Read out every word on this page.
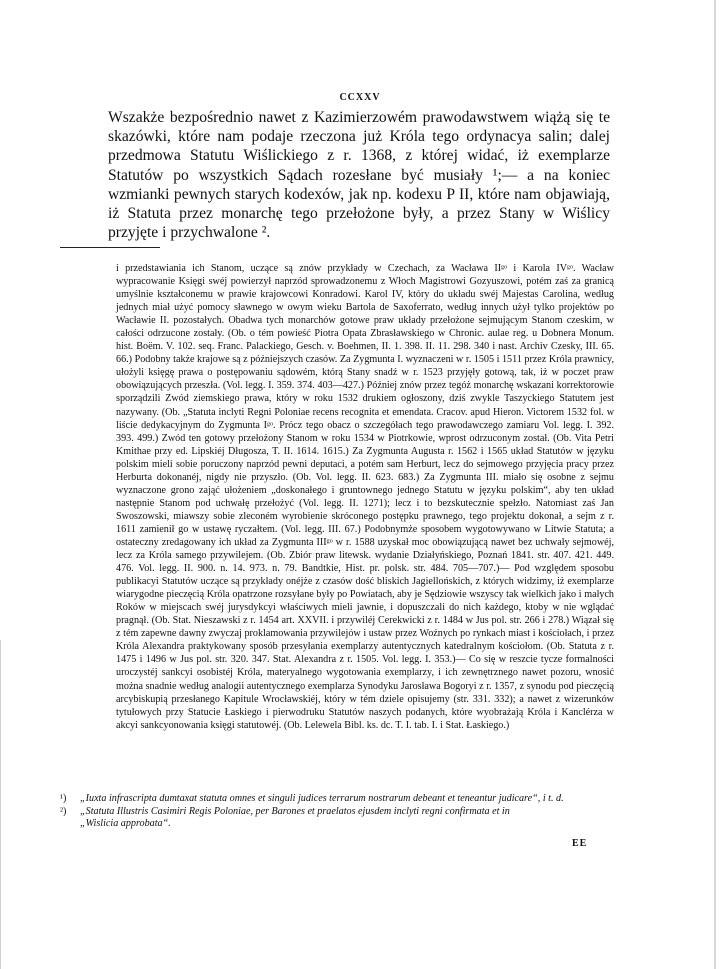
CCXXV

Wszakże bezpośrednio nawet z Kazimierzowém prawodawstwem wiążą się te skazówki, które nam podaje rzeczona już Króla tego ordynacya salin; dalej przedmowa Statutu Wiślickiego z r. 1368, z której widać, iż exemplarze Statutów po wszystkich Sądach rozesłane być musiały ¹;— a na koniec wzmianki pewnych starych kodexów, jak np. kodexu P II, które nam objawiają, iż Statuta przez monarchę tego przełożone były, a przez Stany w Wiślicy przyjęte i przychwalone ².

i przedstawiania ich Stanom, uczące są znów przykłady w Czechach, za Wacława IIᵍᵒ i Karola IVᵍᵒ. Wacław wypracowanie Księgi swéj powierzył naprzód sprowadzonemu z Włoch Magistrowi Gozyuszowi, potém zaś za granicą umyślnie kształconemu w prawie krajowcowi Konradowi. Karol IV, który do układu swéj Majestas Carolina, według jednych miał użyć pomocy sławnego w owym wieku Bartola de Saxoferrato, według innych użył tylko projektów po Wacławie II. pozostałych. Obadwa tych monarchów gotowe praw układy przełożone sejmującym Stanom czeskim, w całości odrzucone zostały. (Ob. o tém powieść Piotra Opata Zbrasławskiego w Chronic. aulae reg. u Dobnera Monum. hist. Boëm. V. 102. seq. Franc. Palackiego, Gesch. v. Boehmen, II. 1. 398. II. 11. 298. 340 i nast. Archiv Czesky, III. 65. 66.) Podobny także krajowe są z późniejszych czasów. Za Zygmunta I. wyznaczeni w r. 1505 i 1511 przez Króla prawnicy, ułożyli księgę prawa o postępowaniu sądowém, którą Stany snadź w r. 1523 przyjęły gotową, tak, iż w poczet praw obowiązujących przeszła. (Vol. legg. I. 359. 374. 403—427.) Później znów przez tegóż monarchę wskazani korrektorowie sporządzili Zwód ziemskiego prawa, który w roku 1532 drukiem ogłoszony, dziś zwykle Taszyckiego Statutem jest nazywany. (Ob. „Statuta inclyti Regni Poloniae recens recognita et emendata. Cracov. apud Hieron. Victorem 1532 fol. w liście dedykacyjnym do Zygmunta Iᵍᵒ. Prócz tego obacz o szczegółach tego prawodawczego zamiaru Vol. legg. I. 392. 393. 499.) Zwód ten gotowy przełożony Stanom w roku 1534 w Piotrkowie, wprost odrzuconym został. (Ob. Vita Petri Kmithae przy ed. Lipskiéj Długosza, T. II. 1614. 1615.) Za Zygmunta Augusta r. 1562 i 1565 układ Statutów w języku polskim mieli sobie poruczony naprzód pewni deputaci, a potém sam Herburt, lecz do sejmowego przyjęcia pracy przez Herburta dokonanéj, nigdy nie przyszło. (Ob. Vol. legg. II. 623. 683.) Za Zygmunta III. miało się osobne z sejmu wyznaczone grono zająć ułożeniem „doskonałego i gruntownego jednego Statutu w języku polskim“, aby ten układ następnie Stanom pod uchwałę przełożyć (Vol. legg. II. 1271); lecz i to bezskutecznie spełzło. Natomiast zaś Jan Swoszowski, miawszy sobie zleconém wyrobienie skróconego postępku prawnego, tego projektu dokonał, a sejm z r. 1611 zamienił go w ustawę ryczałtem. (Vol. legg. III. 67.) Podobnymże sposobem wygotowywano w Litwie Statuta; a ostateczny zredagowany ich układ za Zygmunta IIIᵍᵒ w r. 1588 uzyskał moc obowiązującą nawet bez uchwały sejmowéj, lecz za Króla samego przywilejem. (Ob. Zbiór praw litewsk. wydanie Działyńskiego, Poznań 1841. str. 407. 421. 449. 476. Vol. legg. II. 900. n. 14. 973. n. 79. Bandtkie, Hist. pr. polsk. str. 484. 705—707.)— Pod względem sposobu publikacyi Statutów uczące są przykłady onéjże z czasów dość bliskich Jagiellońskich, z których widzimy, iż exemplarze wiarygodne pieczęcią Króla opatrzone rozsyłane były po Powiatach, aby je Sędziowie wszyscy tak wielkich jako i małych Roków w miejscach swéj jurysdykcyi właściwych mieli jawnie, i dopuszczali do nich każdego, ktoby w nie wglądać pragnął. (Ob. Stat. Nieszawski z r. 1454 art. XXVII. i przywiléj Cerekwicki z r. 1484 w Jus pol. str. 266 i 278.) Wiązał się z tém zapewne dawny zwyczaj proklamowania przywilejów i ustaw przez Woźnych po rynkach miast i kościołach, i przez Króla Alexandra praktykowany sposób przesyłania exemplarzy autentycznych katedralnym kościołom. (Ob. Statuta z r. 1475 i 1496 w Jus pol. str. 320. 347. Stat. Alexandra z r. 1505. Vol. legg. I. 353.)— Co się w reszcie tycze formalności uroczystéj sankcyi osobistéj Króla, materyalnego wygotowania exemplarzy, i ich zewnętrznego nawet pozoru, wnosić można snadnie według analogii autentycznego exemplarza Synodyku Jarosława Bogoryi z r. 1357, z synodu pod pieczęcią arcybiskupią przesłanego Kapitule Wrocławskiéj, który w tém dziele opisujemy (str. 331. 332); a nawet z wizerunków tytułowych przy Statucie Łaskiego i pierwodruku Statutów naszych podanych, które wyobrażają Króla i Kanclérza w akcyi sankcyonowania księgi statutowéj. (Ob. Lelewela Bibl. ks. dc. T. I. tab. I. i Stat. Łaskiego.)

¹) „Iuxta infrascripta dumtaxat statuta omnes et singuli judices terrarum nostrarum debeant et teneantur judicare“, i t. d.
²) „Statuta Illustris Casimiri Regis Poloniae, per Barones et praelatos ejusdem inclyti regni confirmata et in
„Wislicia approbata“.
EE
